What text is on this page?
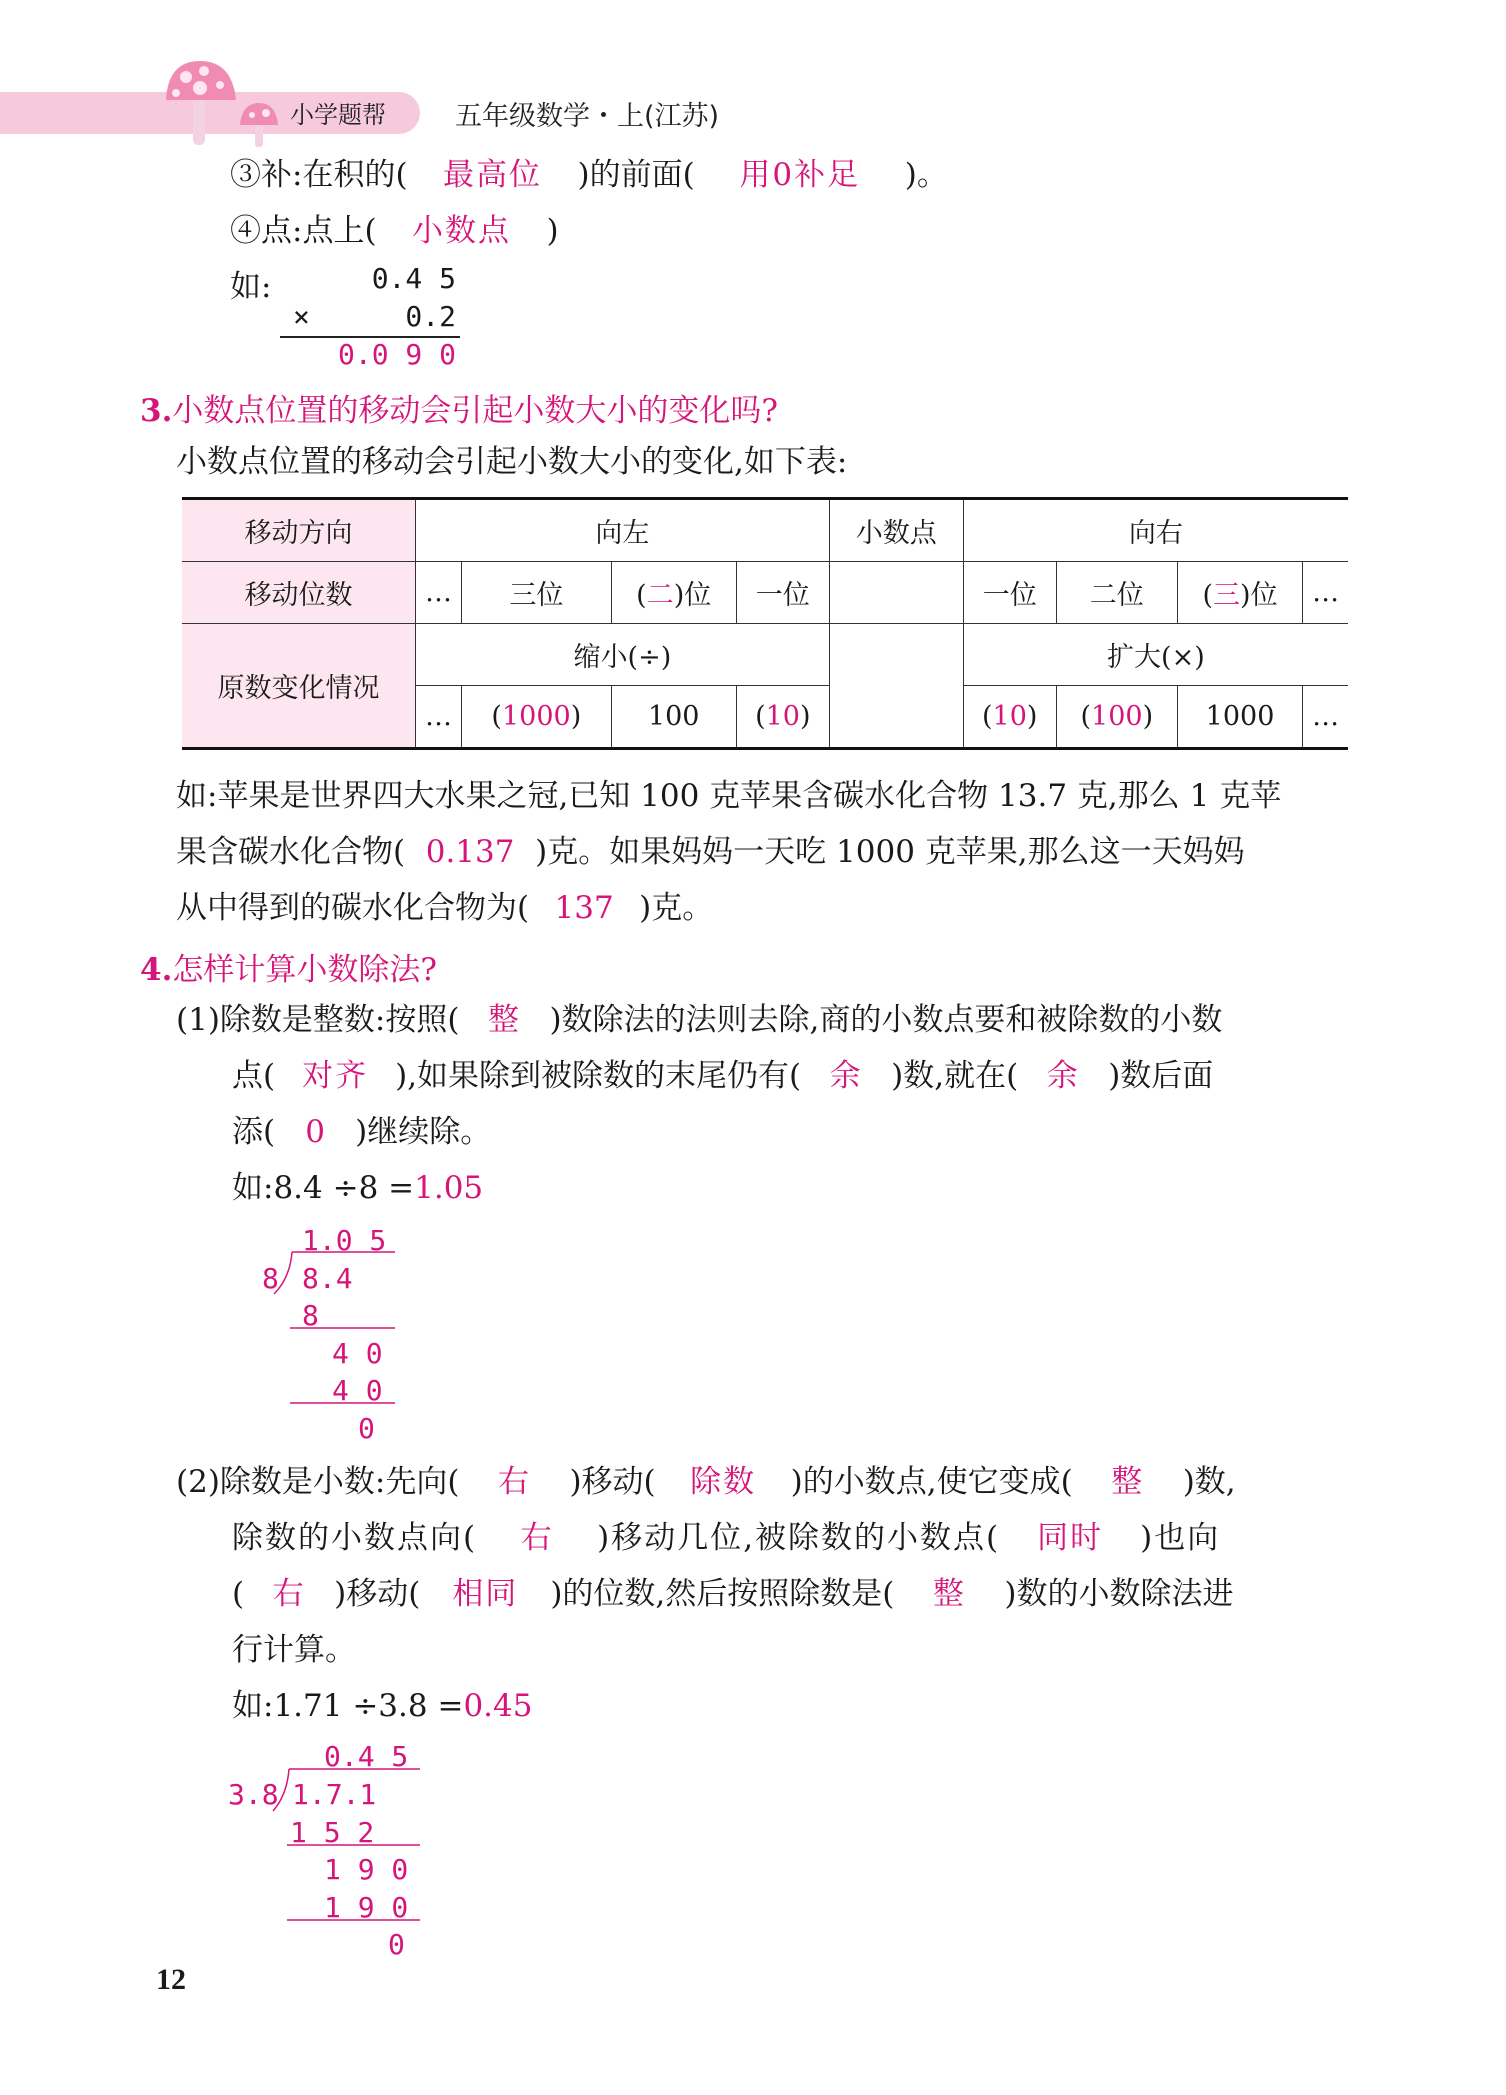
小学题帮	五年级数学・上(江苏)
③补:在积的( 最高位 )的前面( 用0补足 )。
④点:点上( 小数点 )
如:	0.4 5
×	0.2
0.0 9 0
3.小数点位置的移动会引起小数大小的变化吗?
小数点位置的移动会引起小数大小的变化,如下表:
移动方向	向左				小数点	向右			
移动位数	…	三位	(二)位	一位		一位	二位	(三)位	…
原数变化情况	缩小(÷)					扩大(×)			
	…	(1000)	100	(10)		(10)	(100)	1000	…
如:苹果是世界四大水果之冠,已知 100 克苹果含碳水化合物 13.7 克,那么 1 克苹
果含碳水化合物( 0.137 )克。如果妈妈一天吃 1000 克苹果,那么这一天妈妈
从中得到的碳水化合物为( 137 )克。
4.怎样计算小数除法?
(1)除数是整数:按照( 整 )数除法的法则去除,商的小数点要和被除数的小数
点( 对齐 ),如果除到被除数的末尾仍有( 余 )数,就在( 余 )数后面
添( 0 )继续除。
如:8.4 ÷8 =1.05
1.0 5
8 8.4
8
4 0
4 0
0
(2)除数是小数:先向( 右 )移动( 除数 )的小数点,使它变成( 整 )数,
除数的小数点向( 右 )移动几位,被除数的小数点( 同时 )也向
( 右 )移动( 相同 )的位数,然后按照除数是( 整 )数的小数除法进
行计算。
如:1.71 ÷3.8 =0.45
0.4 5
3.8 1.7.1
1 5 2
1 9 0
1 9 0
0
12
